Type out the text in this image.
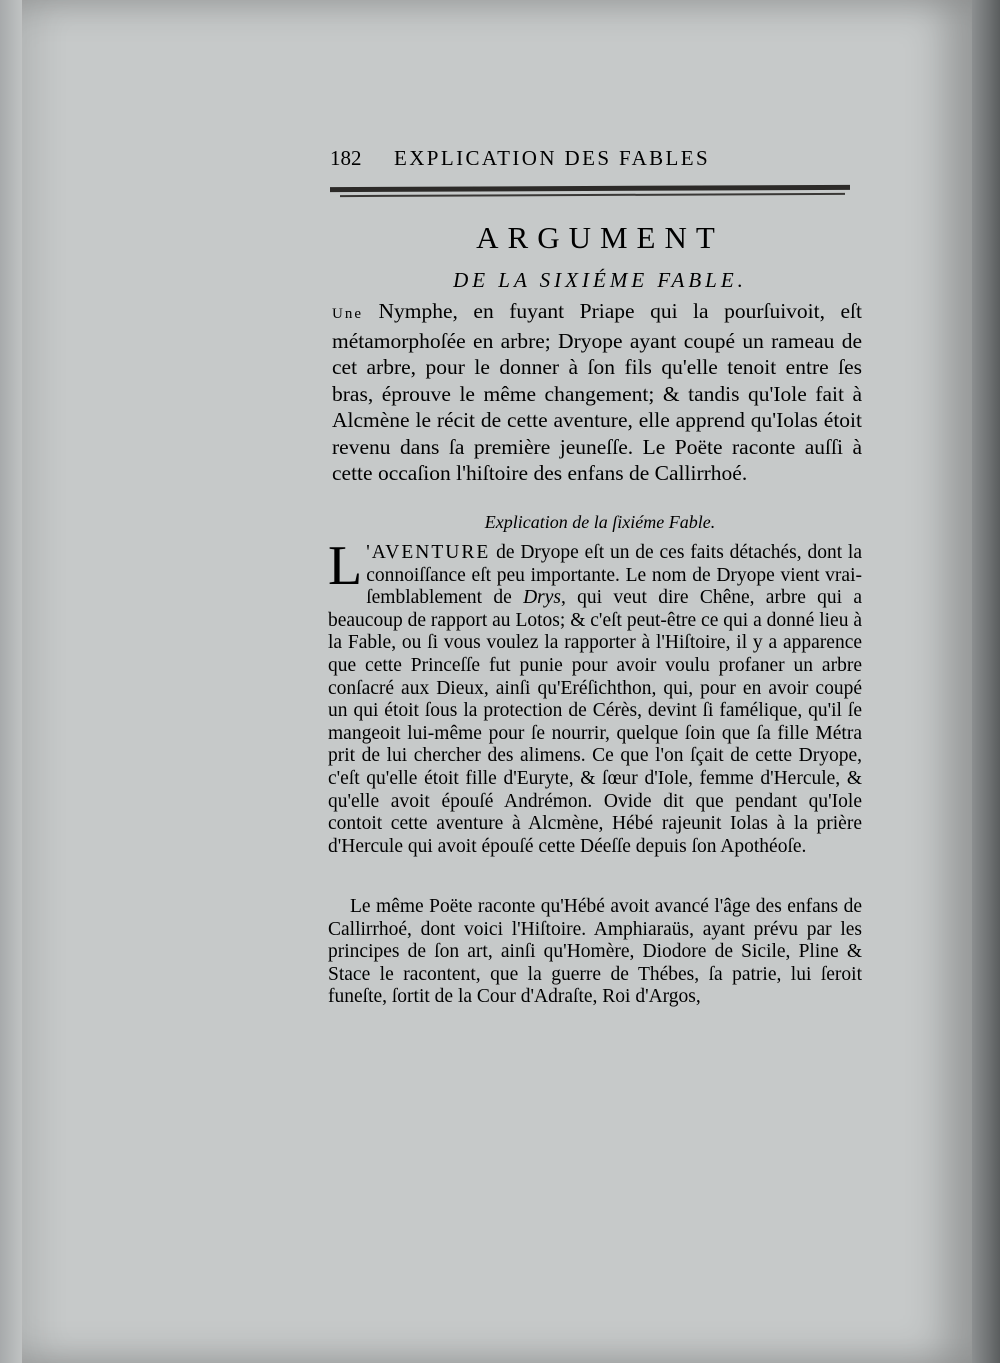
182 EXPLICATION DES FABLES
ARGUMENT
DE LA SIXIÉME FABLE.
Une Nymphe, en fuyant Priape qui la pourſuivoit, eſt métamorphoſée en arbre; Dryope ayant coupé un rameau de cet arbre, pour le donner à ſon fils qu'elle tenoit entre ſes bras, éprouve le même changement; & tandis qu'Iole fait à Alcmène le récit de cette aventure, elle apprend qu'Iolas étoit revenu dans ſa première jeuneſſe. Le Poëte raconte auſſi à cette occaſion l'hiſtoire des enfans de Callirrhoé.
Explication de la ſixiéme Fable.
L 'AVENTURE de Dryope eſt un de ces faits détachés, dont la connoiſſance eſt peu importante. Le nom de Dryope vient vrai-ſemblablement de Drys, qui veut dire Chêne, arbre qui a beaucoup de rapport au Lotos; & c'eſt peut-être ce qui a donné lieu à la Fable, ou ſi vous voulez la rapporter à l'Hiſtoire, il y a apparence que cette Princeſſe fut punie pour avoir voulu profaner un arbre conſacré aux Dieux, ainſi qu'Eréſichthon, qui, pour en avoir coupé un qui étoit ſous la protection de Cérès, devint ſi famélique, qu'il ſe mangeoit lui-même pour ſe nourrir, quelque ſoin que ſa fille Métra prit de lui chercher des alimens. Ce que l'on ſçait de cette Dryope, c'eſt qu'elle étoit fille d'Euryte, & ſœur d'Iole, femme d'Hercule, & qu'elle avoit épouſé Andrémon. Ovide dit que pendant qu'Iole contoit cette aventure à Alcmène, Hébé rajeunit Iolas à la prière d'Hercule qui avoit épouſé cette Déeſſe depuis ſon Apothéoſe.
Le même Poëte raconte qu'Hébé avoit avancé l'âge des enfans de Callirrhoé, dont voici l'Hiſtoire. Amphiaraüs, ayant prévu par les principes de ſon art, ainſi qu'Homère, Diodore de Sicile, Pline & Stace le racontent, que la guerre de Thébes, ſa patrie, lui ſeroit funeſte, ſortit de la Cour d'Adraſte, Roi d'Argos,
